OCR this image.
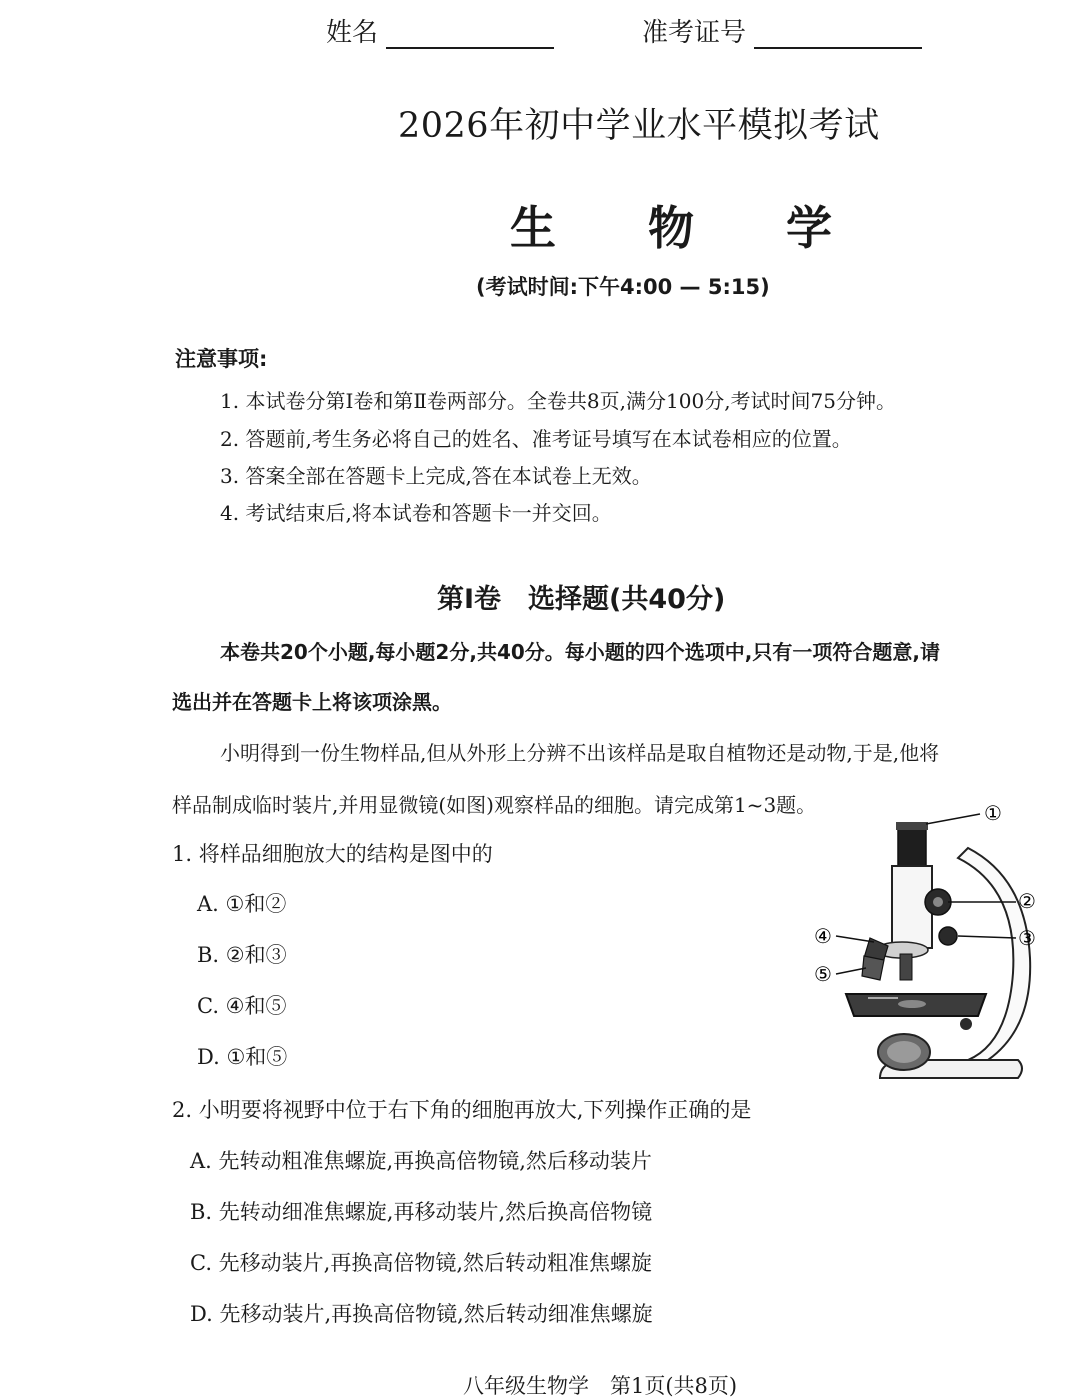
姓名	准考证号
2026年初中学业水平模拟考试
生 物 学
(考试时间:下午4:00 — 5:15)
注意事项:
1. 本试卷分第Ⅰ卷和第Ⅱ卷两部分。全卷共8页,满分100分,考试时间75分钟。
2. 答题前,考生务必将自己的姓名、准考证号填写在本试卷相应的位置。
3. 答案全部在答题卡上完成,答在本试卷上无效。
4. 考试结束后,将本试卷和答题卡一并交回。
第Ⅰ卷　选择题(共40分)
本卷共20个小题,每小题2分,共40分。每小题的四个选项中,只有一项符合题意,请
选出并在答题卡上将该项涂黑。
小明得到一份生物样品,但从外形上分辨不出该样品是取自植物还是动物,于是,他将
样品制成临时装片,并用显微镜(如图)观察样品的细胞。请完成第1~3题。
1. 将样品细胞放大的结构是图中的
A. ①和②
B. ②和③
C. ④和⑤
D. ①和⑤
2. 小明要将视野中位于右下角的细胞再放大,下列操作正确的是
A. 先转动粗准焦螺旋,再换高倍物镜,然后移动装片
B. 先转动细准焦螺旋,再移动装片,然后换高倍物镜
C. 先移动装片,再换高倍物镜,然后转动粗准焦螺旋
D. 先移动装片,再换高倍物镜,然后转动细准焦螺旋
①
②
③
④
⑤
八年级生物学　第1页(共8页)
